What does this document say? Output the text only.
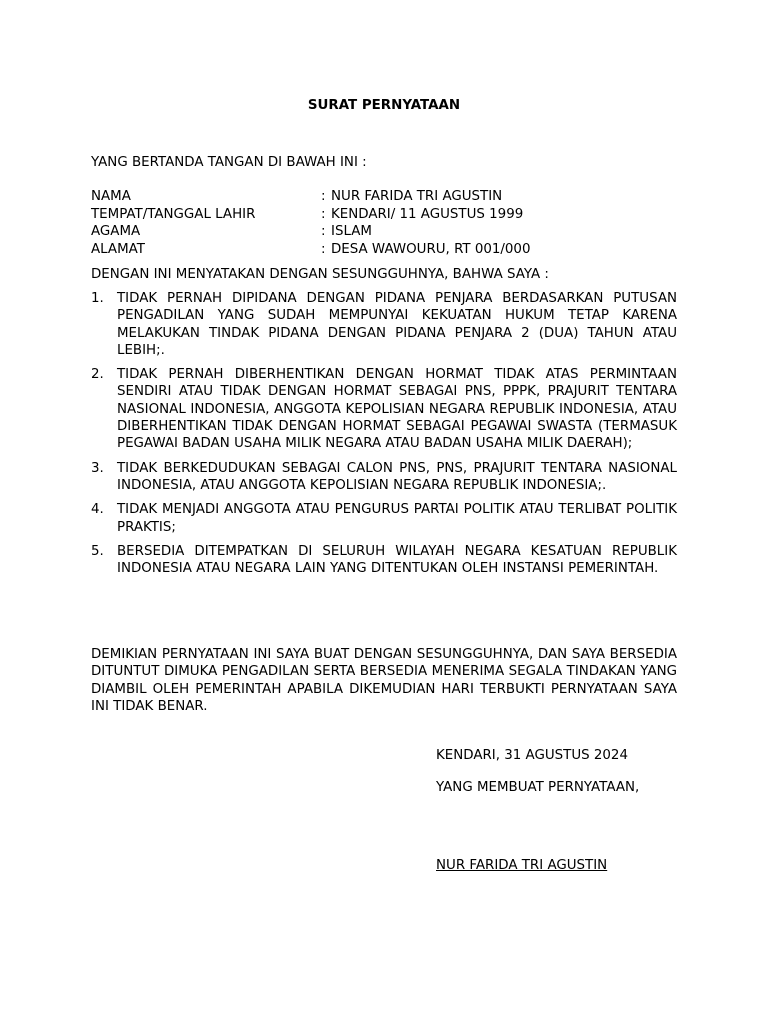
SURAT PERNYATAAN
YANG BERTANDA TANGAN DI BAWAH INI :
NAMA	: NUR FARIDA TRI AGUSTIN
TEMPAT/TANGGAL LAHIR	: KENDARI/ 11 AGUSTUS 1999
AGAMA	: ISLAM
ALAMAT	: DESA WAWOURU, RT 001/000
DENGAN INI MENYATAKAN DENGAN SESUNGGUHNYA, BAHWA SAYA :
1. TIDAK PERNAH DIPIDANA DENGAN PIDANA PENJARA BERDASARKAN PUTUSAN PENGADILAN YANG SUDAH MEMPUNYAI KEKUATAN HUKUM TETAP KARENA MELAKUKAN TINDAK PIDANA DENGAN PIDANA PENJARA 2 (DUA) TAHUN ATAU LEBIH;.
2. TIDAK PERNAH DIBERHENTIKAN DENGAN HORMAT TIDAK ATAS PERMINTAAN SENDIRI ATAU TIDAK DENGAN HORMAT SEBAGAI PNS, PPPK, PRAJURIT TENTARA NASIONAL INDONESIA, ANGGOTA KEPOLISIAN NEGARA REPUBLIK INDONESIA, ATAU DIBERHENTIKAN TIDAK DENGAN HORMAT SEBAGAI PEGAWAI SWASTA (TERMASUK PEGAWAI BADAN USAHA MILIK NEGARA ATAU BADAN USAHA MILIK DAERAH);
3. TIDAK BERKEDUDUKAN SEBAGAI CALON PNS, PNS, PRAJURIT TENTARA NASIONAL INDONESIA, ATAU ANGGOTA KEPOLISIAN NEGARA REPUBLIK INDONESIA;.
4. TIDAK MENJADI ANGGOTA ATAU PENGURUS PARTAI POLITIK ATAU TERLIBAT POLITIK PRAKTIS;
5. BERSEDIA DITEMPATKAN DI SELURUH WILAYAH NEGARA KESATUAN REPUBLIK INDONESIA ATAU NEGARA LAIN YANG DITENTUKAN OLEH INSTANSI PEMERINTAH.
DEMIKIAN PERNYATAAN INI SAYA BUAT DENGAN SESUNGGUHNYA, DAN SAYA BERSEDIA DITUNTUT DIMUKA PENGADILAN SERTA BERSEDIA MENERIMA SEGALA TINDAKAN YANG DIAMBIL OLEH PEMERINTAH APABILA DIKEMUDIAN HARI TERBUKTI PERNYATAAN SAYA INI TIDAK BENAR.
KENDARI, 31 AGUSTUS 2024
YANG MEMBUAT PERNYATAAN,
NUR FARIDA TRI AGUSTIN
